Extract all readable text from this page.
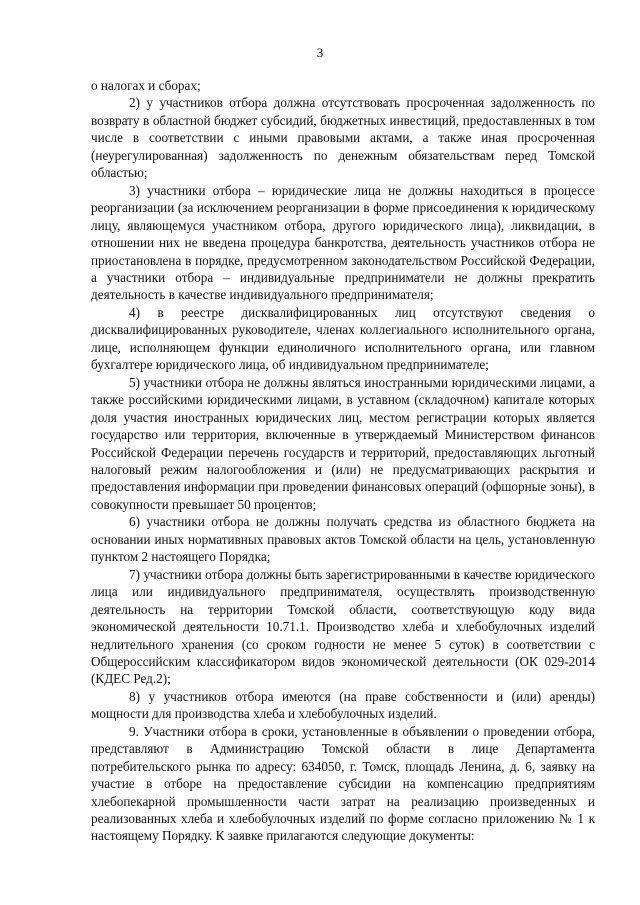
3

о налогах и сборах;

2) у участников отбора должна отсутствовать просроченная задолженность по возврату в областной бюджет субсидий, бюджетных инвестиций, предоставленных в том числе в соответствии с иными правовыми актами, а также иная просроченная (неурегулированная) задолженность по денежным обязательствам перед Томской областью;

3) участники отбора – юридические лица не должны находиться в процессе реорганизации (за исключением реорганизации в форме присоединения к юридическому лицу, являющемуся участником отбора, другого юридического лица), ликвидации, в отношении них не введена процедура банкротства, деятельность участников отбора не приостановлена в порядке, предусмотренном законодательством Российской Федерации, а участники отбора – индивидуальные предприниматели не должны прекратить деятельность в качестве индивидуального предпринимателя;

4) в реестре дисквалифицированных лиц отсутствуют сведения о дисквалифицированных руководителе, членах коллегиального исполнительного органа, лице, исполняющем функции единоличного исполнительного органа, или главном бухгалтере юридического лица, об индивидуальном предпринимателе;

5) участники отбора не должны являться иностранными юридическими лицами, а также российскими юридическими лицами, в уставном (складочном) капитале которых доля участия иностранных юридических лиц, местом регистрации которых является государство или территория, включенные в утверждаемый Министерством финансов Российской Федерации перечень государств и территорий, предоставляющих льготный налоговый режим налогообложения и (или) не предусматривающих раскрытия и предоставления информации при проведении финансовых операций (офшорные зоны), в совокупности превышает 50 процентов;

6) участники отбора не должны получать средства из областного бюджета на основании иных нормативных правовых актов Томской области на цель, установленную пунктом 2 настоящего Порядка;

7) участники отбора должны быть зарегистрированными в качестве юридического лица или индивидуального предпринимателя, осуществлять производственную деятельность на территории Томской области, соответствующую коду вида экономической деятельности 10.71.1. Производство хлеба и хлебобулочных изделий недлительного хранения (со сроком годности не менее 5 суток) в соответствии с Общероссийским классификатором видов экономической деятельности (ОК 029-2014 (КДЕС Ред.2);

8) у участников отбора имеются (на праве собственности и (или) аренды) мощности для производства хлеба и хлебобулочных изделий.

9. Участники отбора в сроки, установленные в объявлении о проведении отбора, представляют в Администрацию Томской области в лице Департамента потребительского рынка по адресу: 634050, г. Томск, площадь Ленина, д. 6, заявку на участие в отборе на предоставление субсидии на компенсацию предприятиям хлебопекарной промышленности части затрат на реализацию произведенных и реализованных хлеба и хлебобулочных изделий по форме согласно приложению № 1 к настоящему Порядку. К заявке прилагаются следующие документы:
